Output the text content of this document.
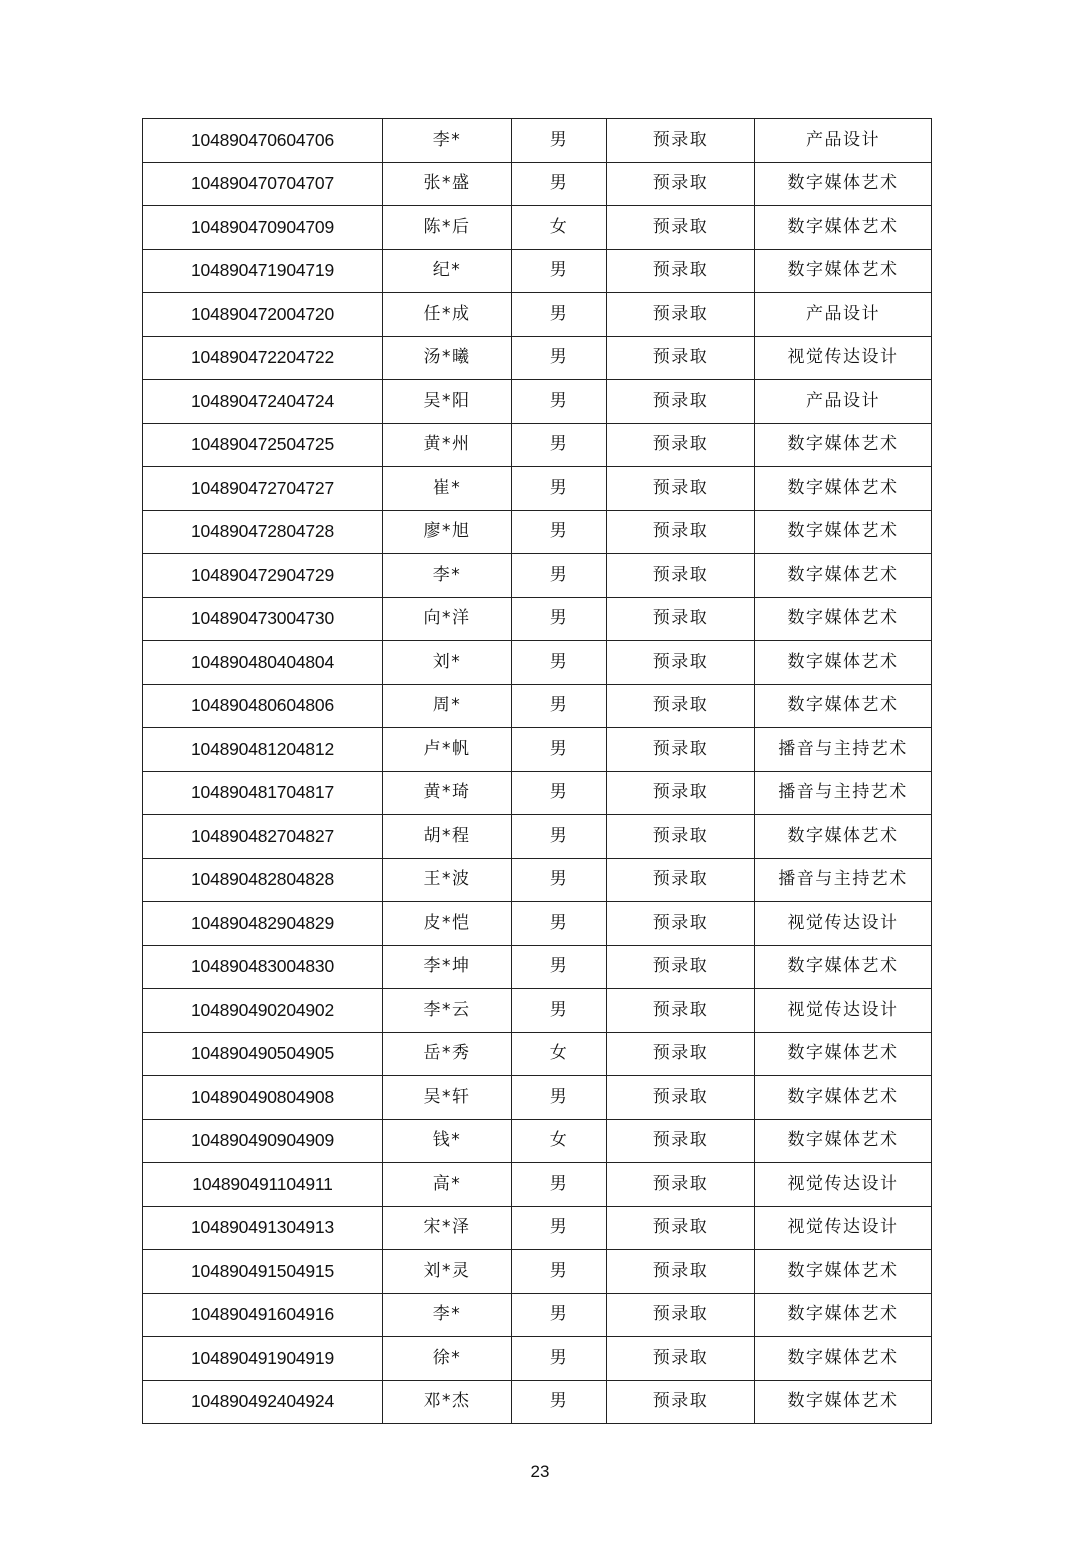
104890470604706	李*	男	预录取	产品设计
104890470704707	张*盛	男	预录取	数字媒体艺术
104890470904709	陈*后	女	预录取	数字媒体艺术
104890471904719	纪*	男	预录取	数字媒体艺术
104890472004720	任*成	男	预录取	产品设计
104890472204722	汤*曦	男	预录取	视觉传达设计
104890472404724	吴*阳	男	预录取	产品设计
104890472504725	黄*州	男	预录取	数字媒体艺术
104890472704727	崔*	男	预录取	数字媒体艺术
104890472804728	廖*旭	男	预录取	数字媒体艺术
104890472904729	李*	男	预录取	数字媒体艺术
104890473004730	向*洋	男	预录取	数字媒体艺术
104890480404804	刘*	男	预录取	数字媒体艺术
104890480604806	周*	男	预录取	数字媒体艺术
104890481204812	卢*帆	男	预录取	播音与主持艺术
104890481704817	黄*琦	男	预录取	播音与主持艺术
104890482704827	胡*程	男	预录取	数字媒体艺术
104890482804828	王*波	男	预录取	播音与主持艺术
104890482904829	皮*恺	男	预录取	视觉传达设计
104890483004830	李*坤	男	预录取	数字媒体艺术
104890490204902	李*云	男	预录取	视觉传达设计
104890490504905	岳*秀	女	预录取	数字媒体艺术
104890490804908	吴*轩	男	预录取	数字媒体艺术
104890490904909	钱*	女	预录取	数字媒体艺术
104890491104911	高*	男	预录取	视觉传达设计
104890491304913	宋*泽	男	预录取	视觉传达设计
104890491504915	刘*灵	男	预录取	数字媒体艺术
104890491604916	李*	男	预录取	数字媒体艺术
104890491904919	徐*	男	预录取	数字媒体艺术
104890492404924	邓*杰	男	预录取	数字媒体艺术
23
